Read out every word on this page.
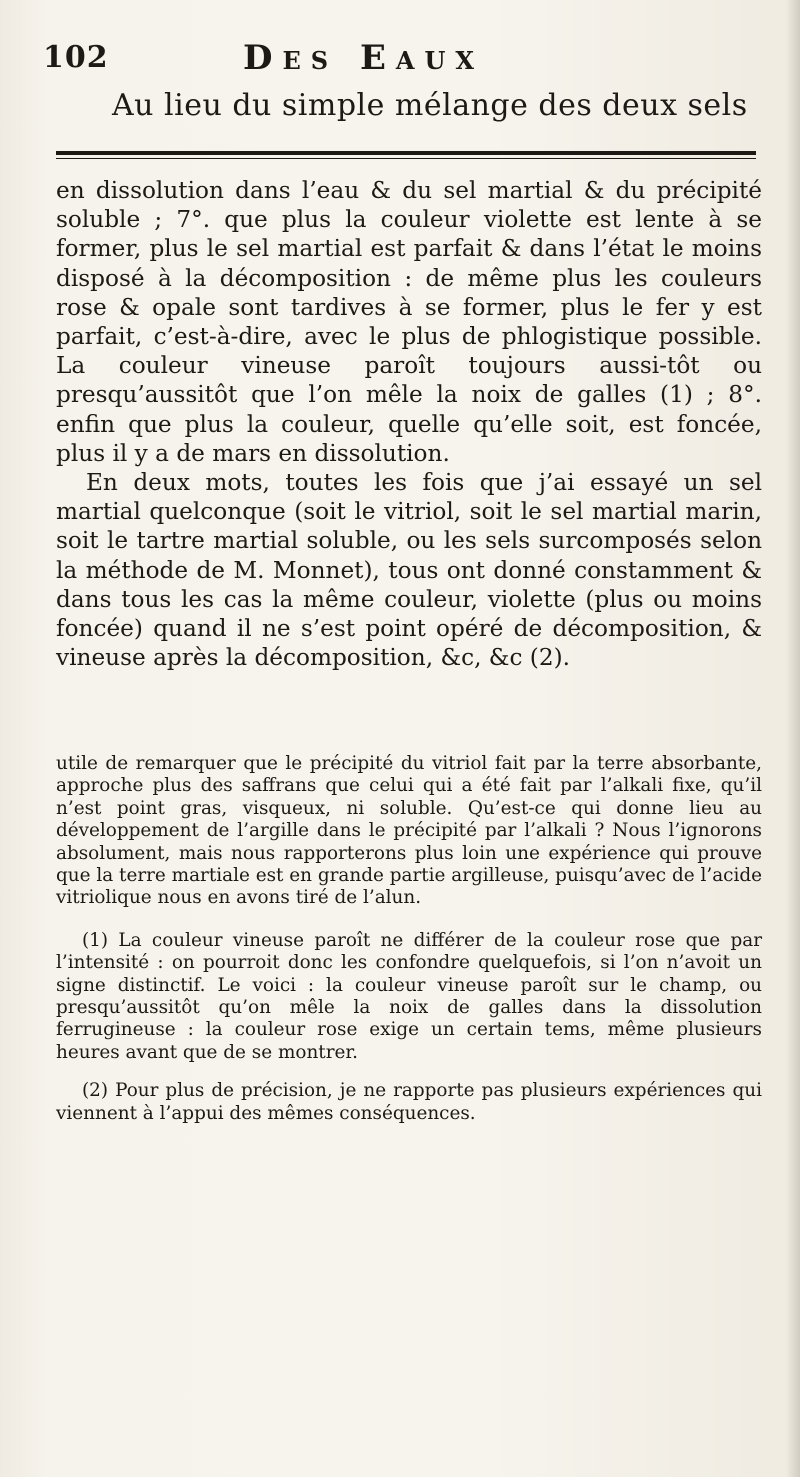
102	Des Eaux
Au lieu du simple mélange des deux sels

en dissolution dans l’eau & du sel martial & du précipité soluble ; 7°. que plus la couleur violette est lente à se former, plus le sel martial est parfait & dans l’état le moins disposé à la décomposition : de même plus les couleurs rose & opale sont tardives à se former, plus le fer y est parfait, c’est-à-dire, avec le plus de phlogistique possible. La couleur vineuse paroît toujours aussi-tôt ou presqu’aussitôt que l’on mêle la noix de galles (1) ; 8°. enfin que plus la couleur, quelle qu’elle soit, est foncée, plus il y a de mars en dissolution.

En deux mots, toutes les fois que j’ai essayé un sel martial quelconque (soit le vitriol, soit le sel martial marin, soit le tartre martial soluble, ou les sels surcomposés selon la méthode de M. Monnet), tous ont donné constamment & dans tous les cas la même couleur, violette (plus ou moins foncée) quand il ne s’est point opéré de décomposition, & vineuse après la décomposition, &c, &c (2).

utile de remarquer que le précipité du vitriol fait par la terre absorbante, approche plus des saffrans que celui qui a été fait par l’alkali fixe, qu’il n’est point gras, visqueux, ni soluble. Qu’est-ce qui donne lieu au développement de l’argille dans le précipité par l’alkali ? Nous l’ignorons absolument, mais nous rapporterons plus loin une expérience qui prouve que la terre martiale est en grande partie argilleuse, puisqu’avec de l’acide vitriolique nous en avons tiré de l’alun.

(1) La couleur vineuse paroît ne différer de la couleur rose que par l’intensité : on pourroit donc les confondre quelquefois, si l’on n’avoit un signe distinctif. Le voici : la couleur vineuse paroît sur le champ, ou presqu’aussitôt qu’on mêle la noix de galles dans la dissolution ferrugineuse : la couleur rose exige un certain tems, même plusieurs heures avant que de se montrer.

(2) Pour plus de précision, je ne rapporte pas plusieurs expériences qui viennent à l’appui des mêmes conséquences.
